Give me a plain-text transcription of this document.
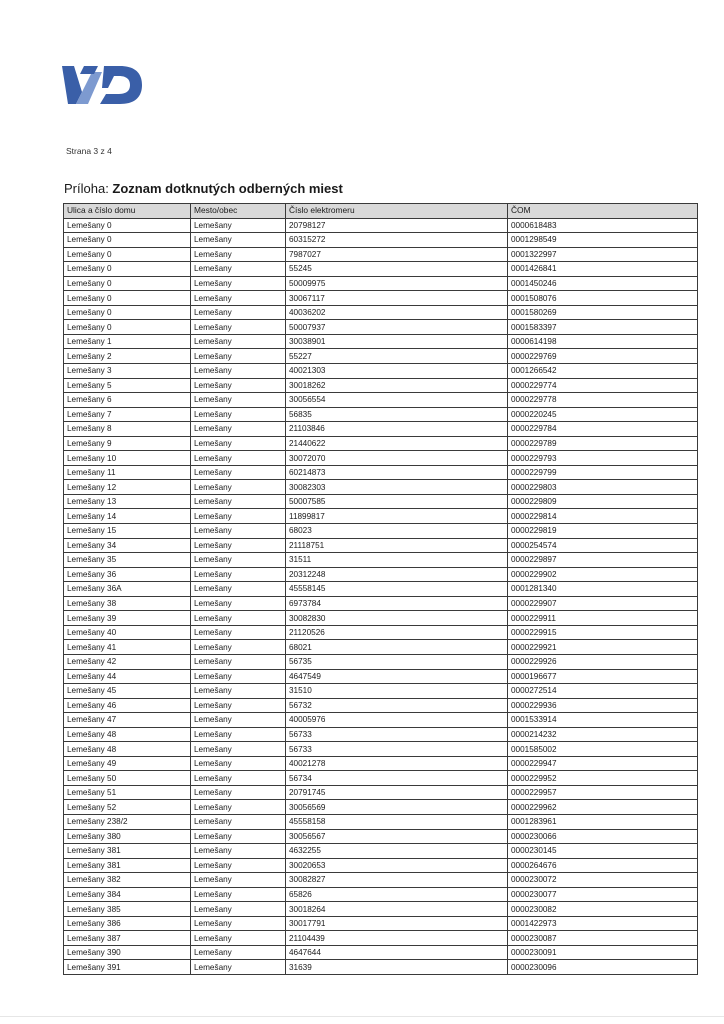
Strana 3 z 4
Príloha: Zoznam dotknutých odberných miest
Ulica a číslo domu	Mesto/obec	Číslo elektromeru	ČOM
Lemešany 0	Lemešany	20798127	0000618483
Lemešany 0	Lemešany	60315272	0001298549
Lemešany 0	Lemešany	7987027	0001322997
Lemešany 0	Lemešany	55245	0001426841
Lemešany 0	Lemešany	50009975	0001450246
Lemešany 0	Lemešany	30067117	0001508076
Lemešany 0	Lemešany	40036202	0001580269
Lemešany 0	Lemešany	50007937	0001583397
Lemešany 1	Lemešany	30038901	0000614198
Lemešany 2	Lemešany	55227	0000229769
Lemešany 3	Lemešany	40021303	0001266542
Lemešany 5	Lemešany	30018262	0000229774
Lemešany 6	Lemešany	30056554	0000229778
Lemešany 7	Lemešany	56835	0000220245
Lemešany 8	Lemešany	21103846	0000229784
Lemešany 9	Lemešany	21440622	0000229789
Lemešany 10	Lemešany	30072070	0000229793
Lemešany 11	Lemešany	60214873	0000229799
Lemešany 12	Lemešany	30082303	0000229803
Lemešany 13	Lemešany	50007585	0000229809
Lemešany 14	Lemešany	11899817	0000229814
Lemešany 15	Lemešany	68023	0000229819
Lemešany 34	Lemešany	21118751	0000254574
Lemešany 35	Lemešany	31511	0000229897
Lemešany 36	Lemešany	20312248	0000229902
Lemešany 36A	Lemešany	45558145	0001281340
Lemešany 38	Lemešany	6973784	0000229907
Lemešany 39	Lemešany	30082830	0000229911
Lemešany 40	Lemešany	21120526	0000229915
Lemešany 41	Lemešany	68021	0000229921
Lemešany 42	Lemešany	56735	0000229926
Lemešany 44	Lemešany	4647549	0000196677
Lemešany 45	Lemešany	31510	0000272514
Lemešany 46	Lemešany	56732	0000229936
Lemešany 47	Lemešany	40005976	0001533914
Lemešany 48	Lemešany	56733	0000214232
Lemešany 48	Lemešany	56733	0001585002
Lemešany 49	Lemešany	40021278	0000229947
Lemešany 50	Lemešany	56734	0000229952
Lemešany 51	Lemešany	20791745	0000229957
Lemešany 52	Lemešany	30056569	0000229962
Lemešany 238/2	Lemešany	45558158	0001283961
Lemešany 380	Lemešany	30056567	0000230066
Lemešany 381	Lemešany	4632255	0000230145
Lemešany 381	Lemešany	30020653	0000264676
Lemešany 382	Lemešany	30082827	0000230072
Lemešany 384	Lemešany	65826	0000230077
Lemešany 385	Lemešany	30018264	0000230082
Lemešany 386	Lemešany	30017791	0001422973
Lemešany 387	Lemešany	21104439	0000230087
Lemešany 390	Lemešany	4647644	0000230091
Lemešany 391	Lemešany	31639	0000230096
